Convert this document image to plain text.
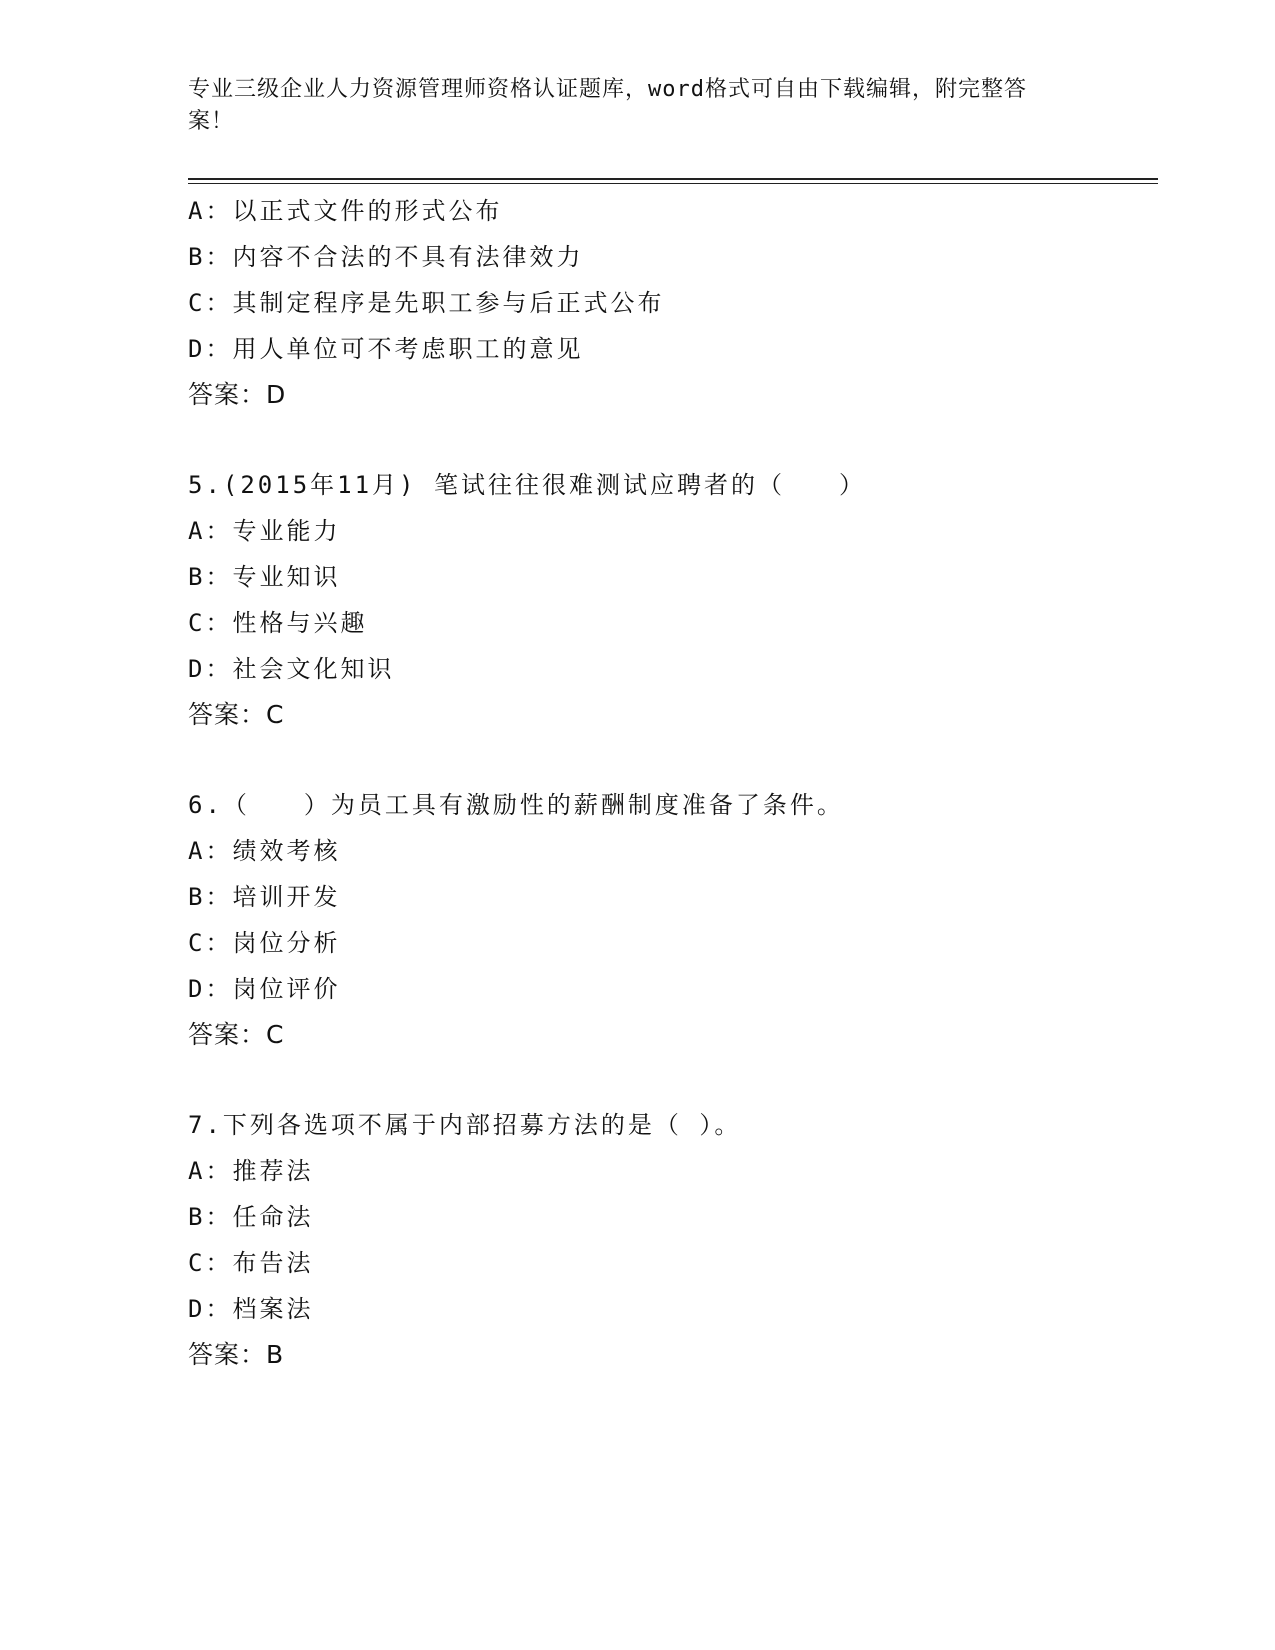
专业三级企业人力资源管理师资格认证题库，word格式可自由下载编辑，附完整答案！
A：以正式文件的形式公布
B：内容不合法的不具有法律效力
C：其制定程序是先职工参与后正式公布
D：用人单位可不考虑职工的意见
答案：D
5.(2015年11月) 笔试往往很难测试应聘者的（　　）
A：专业能力
B：专业知识
C：性格与兴趣
D：社会文化知识
答案：C
6.（　　）为员工具有激励性的薪酬制度准备了条件。
A：绩效考核
B：培训开发
C：岗位分析
D：岗位评价
答案：C
7.下列各选项不属于内部招募方法的是（ ）。
A：推荐法
B：任命法
C：布告法
D：档案法
答案：B
